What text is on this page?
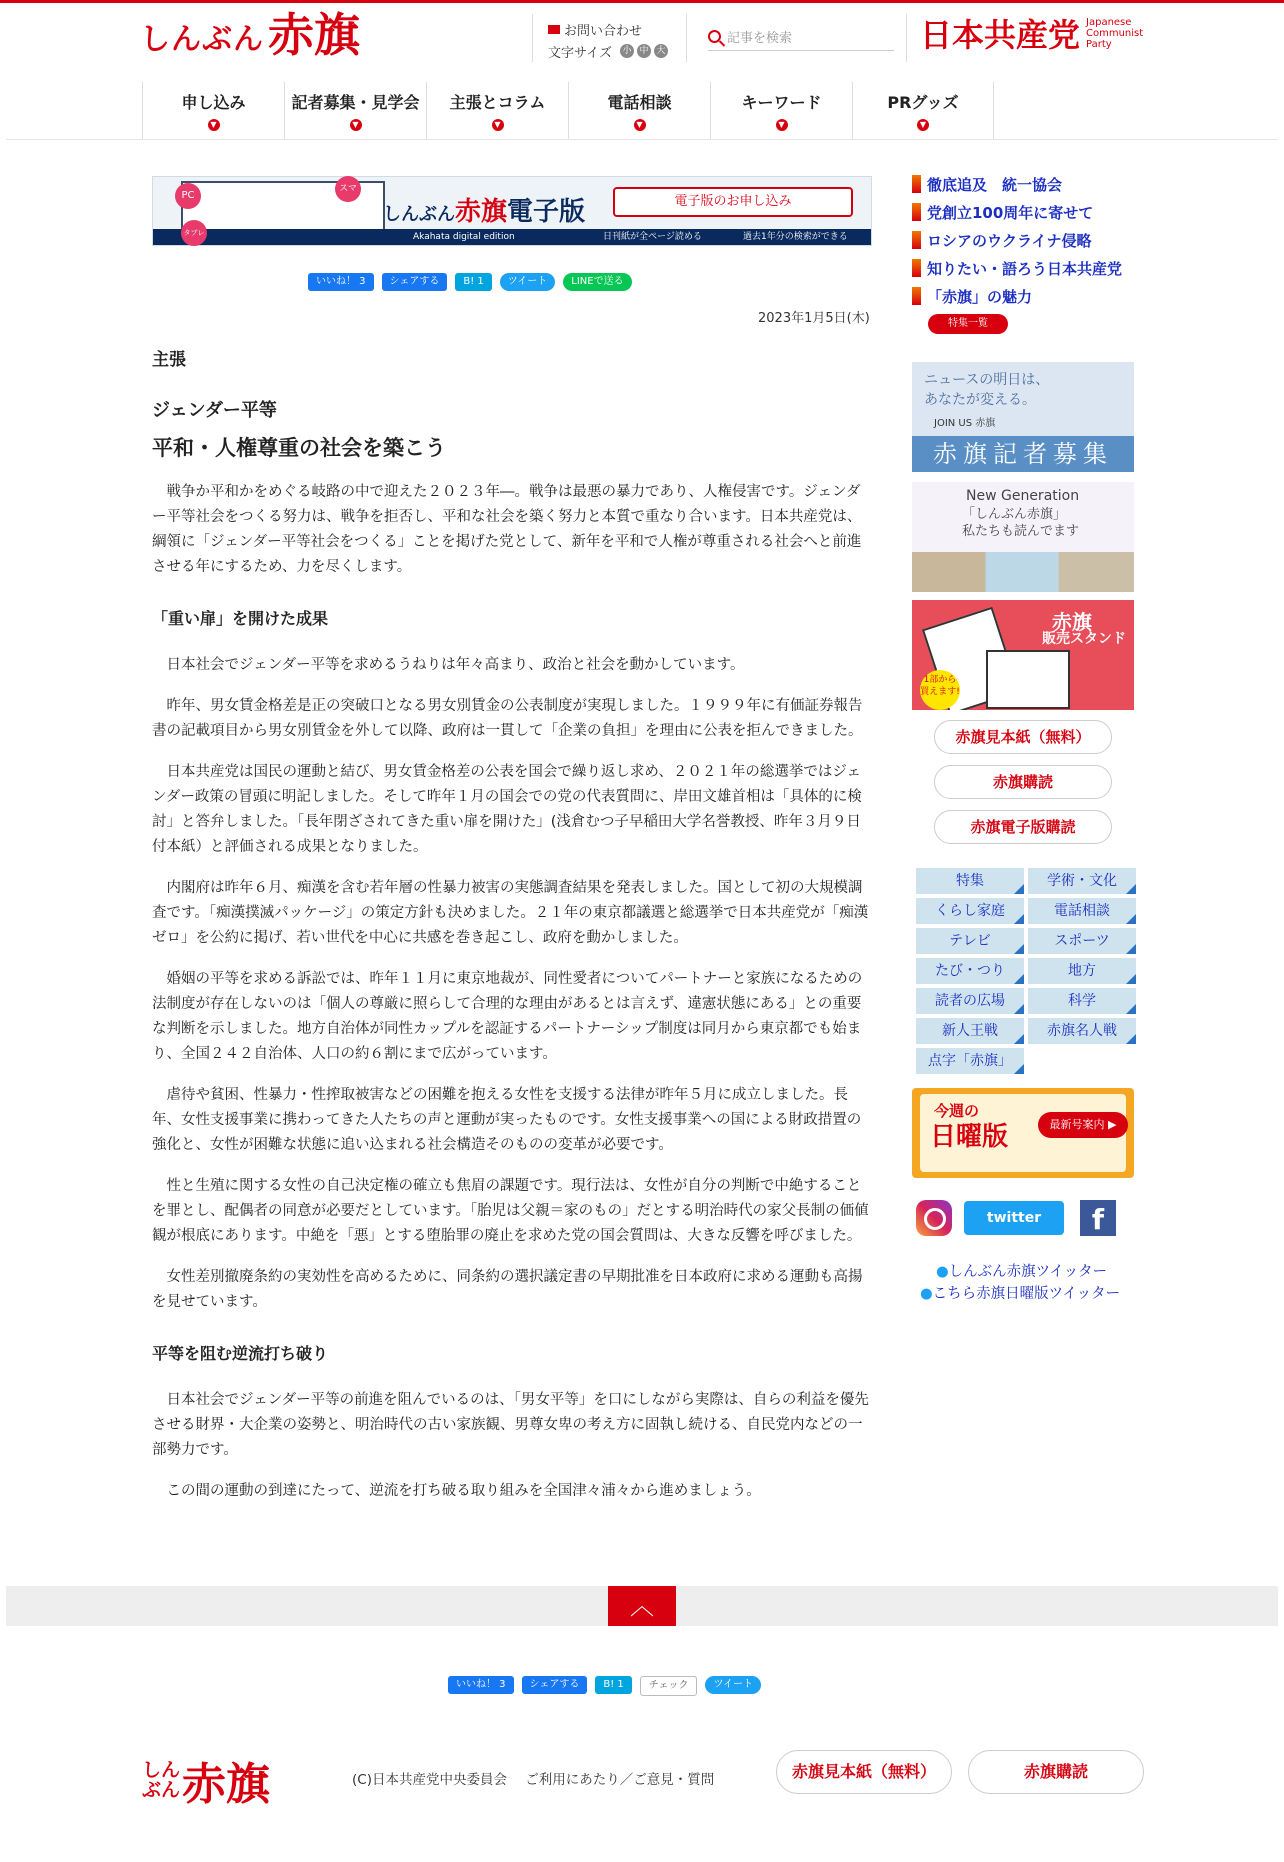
しんぶん 赤旗	お問い合わせ
文字サイズ 小 中 大
記事を検索	日本共産党 Japanese
Communist
Party
申し込み
▼
記者募集・見学会
▼
主張とコラム
▼
電話相談
▼
キーワード
▼
PRグッズ
▼
しんぶん赤旗電子版	電子版のお申し込み
Akahata digital edition	日刊紙が全ページ読める	過去1年分の検索ができる
PC
スマホ
タブレット
いいね！ 3	シェアする	B! 1	ツイート	LINEで送る
2023年1月5日(木)
主張
ジェンダー平等
平和・人権尊重の社会を築こう

戦争か平和かをめぐる岐路の中で迎えた２０２３年―。戦争は最悪の暴力であり、人権侵害です。ジェンダー平等社会をつくる努力は、戦争を拒否し、平和な社会を築く努力と本質で重なり合います。日本共産党は、綱領に「ジェンダー平等社会をつくる」ことを掲げた党として、新年を平和で人権が尊重される社会へと前進させる年にするため、力を尽くします。

「重い扉」を開けた成果

日本社会でジェンダー平等を求めるうねりは年々高まり、政治と社会を動かしています。

昨年、男女賃金格差是正の突破口となる男女別賃金の公表制度が実現しました。１９９９年に有価証券報告書の記載項目から男女別賃金を外して以降、政府は一貫して「企業の負担」を理由に公表を拒んできました。

日本共産党は国民の運動と結び、男女賃金格差の公表を国会で繰り返し求め、２０２１年の総選挙ではジェンダー政策の冒頭に明記しました。そして昨年１月の国会での党の代表質問に、岸田文雄首相は「具体的に検討」と答弁しました。「長年閉ざされてきた重い扉を開けた」(浅倉むつ子早稲田大学名誉教授、昨年３月９日付本紙）と評価される成果となりました。

内閣府は昨年６月、痴漢を含む若年層の性暴力被害の実態調査結果を発表しました。国として初の大規模調査です。「痴漢撲滅パッケージ」の策定方針も決めました。２１年の東京都議選と総選挙で日本共産党が「痴漢ゼロ」を公約に掲げ、若い世代を中心に共感を巻き起こし、政府を動かしました。

婚姻の平等を求める訴訟では、昨年１１月に東京地裁が、同性愛者についてパートナーと家族になるための法制度が存在しないのは「個人の尊厳に照らして合理的な理由があるとは言えず、違憲状態にある」との重要な判断を示しました。地方自治体が同性カップルを認証するパートナーシップ制度は同月から東京都でも始まり、全国２４２自治体、人口の約６割にまで広がっています。

虐待や貧困、性暴力・性搾取被害などの困難を抱える女性を支援する法律が昨年５月に成立しました。長年、女性支援事業に携わってきた人たちの声と運動が実ったものです。女性支援事業への国による財政措置の強化と、女性が困難な状態に追い込まれる社会構造そのものの変革が必要です。

性と生殖に関する女性の自己決定権の確立も焦眉の課題です。現行法は、女性が自分の判断で中絶することを罪とし、配偶者の同意が必要だとしています。「胎児は父親＝家のもの」だとする明治時代の家父長制の価値観が根底にあります。中絶を「悪」とする堕胎罪の廃止を求めた党の国会質問は、大きな反響を呼びました。

女性差別撤廃条約の実効性を高めるために、同条約の選択議定書の早期批准を日本政府に求める運動も高揚を見せています。

平等を阻む逆流打ち破り

日本社会でジェンダー平等の前進を阻んでいるのは、「男女平等」を口にしながら実際は、自らの利益を優先させる財界・大企業の姿勢と、明治時代の古い家族観、男尊女卑の考え方に固執し続ける、自民党内などの一部勢力です。

この間の運動の到達にたって、逆流を打ち破る取り組みを全国津々浦々から進めましょう。

徹底追及　統一協会
党創立100周年に寄せて
ロシアのウクライナ侵略
知りたい・語ろう日本共産党
「赤旗」の魅力
特集一覧
ニュースの明日は、
あなたが変える。
JOIN US 赤旗
赤旗記者募集
New Generation
「しんぶん赤旗」
私たちも読んでます
赤旗
販売スタンド
1部から買えます!
赤旗見本紙（無料）
赤旗購読
赤旗電子版購読
特集	学術・文化
くらし家庭	電話相談
テレビ	スポーツ
たび・つり	地方
読者の広場	科学
新人王戦	赤旗名人戦
点字「赤旗」
今週の
日曜版	最新号案内 ▶
twitter	f
●しんぶん赤旗ツイッター
●こちら赤旗日曜版ツイッター
︿
いいね！ 3	シェアする	B! 1	チェック	ツイート
しんぶん 赤旗	(C)日本共産党中央委員会 ご利用にあたり／ご意見・質問	赤旗見本紙（無料）	赤旗購読
